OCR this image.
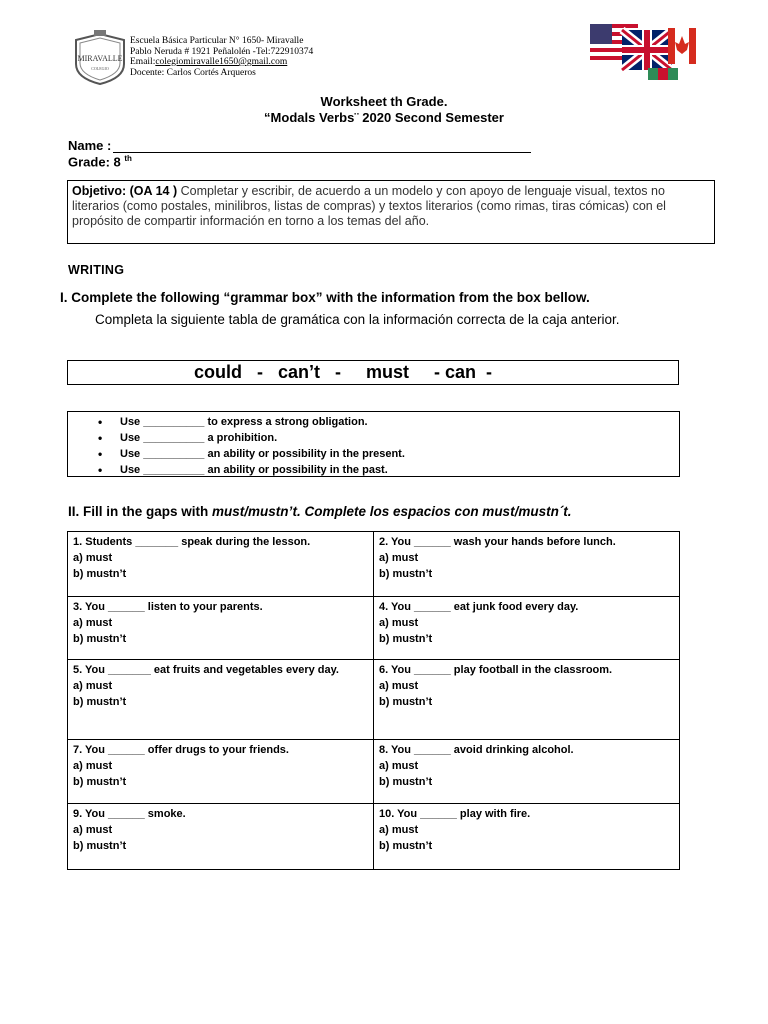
MIRAVALLE
COLEGIO
Escuela Básica Particular N° 1650- Miravalle
Pablo Neruda # 1921 Peñalolén -Tel:722910374
Email:colegiomiravalle1650@gmail.com
Docente: Carlos Cortés Arqueros
Worksheet th Grade.
“Modals Verbs¨ 2020 Second Semester
Name :
Grade: 8 $^{th}$
Objetivo: (OA 14 ) Completar y escribir, de acuerdo a un modelo y con apoyo de lenguaje visual, textos no literarios (como postales, minilibros, listas de compras) y textos literarios (como rimas, tiras cómicas) con el propósito de compartir información en torno a los temas del año.
WRITING
I. Complete the following “grammar box” with the information from the box bellow.
Completa la siguiente tabla de gramática con la información correcta de la caja anterior.
could   -   can’t   -     must     - can  -
• Use __________ to express a strong obligation.
• Use __________ a prohibition.
• Use __________ an ability or possibility in the present.
• Use __________ an ability or possibility in the past.
II. Fill in the gaps with must/mustn’t. Complete los espacios con must/mustn´t.
1. Students _______ speak during the lesson.
a) must
b) mustn’t	2. You ______ wash your hands before lunch.
a) must
b) mustn’t

3. You ______ listen to your parents.
a) must
b) mustn’t	4. You ______ eat junk food every day.
a) must
b) mustn’t

5. You _______ eat fruits and vegetables every day.
a) must
b) mustn’t	6. You ______ play football in the classroom.
a) must
b) mustn’t

7. You ______ offer drugs to your friends.
a) must
b) mustn’t	8. You ______ avoid drinking alcohol.
a) must
b) mustn’t

9. You ______ smoke.
a) must
b) mustn’t	10. You ______ play with fire.
a) must
b) mustn’t
